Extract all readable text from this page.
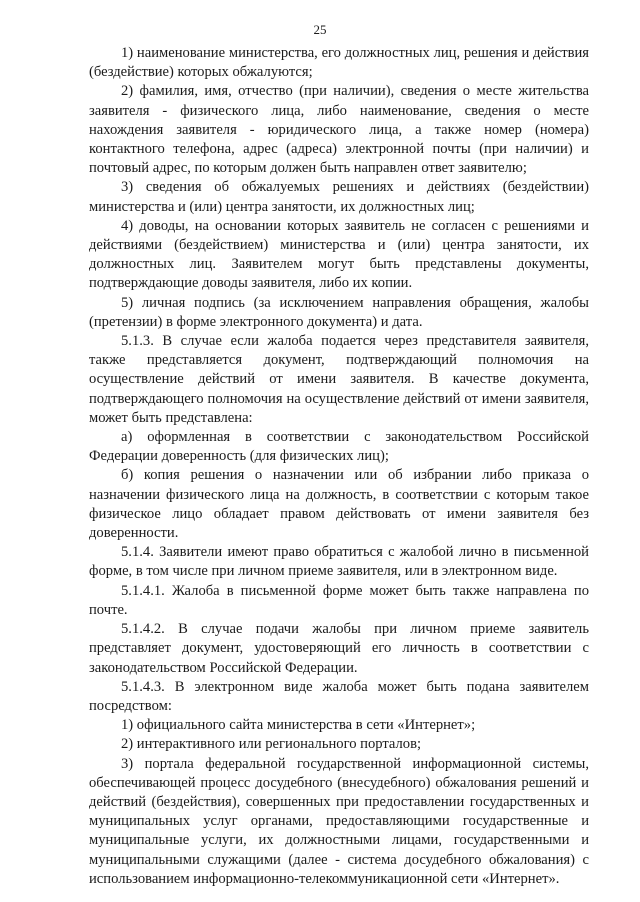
25

1) наименование министерства, его должностных лиц, решения и действия (бездействие) которых обжалуются;

2) фамилия, имя, отчество (при наличии), сведения о месте жительства заявителя - физического лица, либо наименование, сведения о месте нахождения заявителя - юридического лица, а также номер (номера) контактного телефона, адрес (адреса) электронной почты (при наличии) и почтовый адрес, по которым должен быть направлен ответ заявителю;

3) сведения об обжалуемых решениях и действиях (бездействии) министерства и (или) центра занятости, их должностных лиц;

4) доводы, на основании которых заявитель не согласен с решениями и действиями (бездействием) министерства и (или) центра занятости, их должностных лиц. Заявителем могут быть представлены документы, подтверждающие доводы заявителя, либо их копии.

5) личная подпись (за исключением направления обращения, жалобы (претензии) в форме электронного документа) и дата.

5.1.3. В случае если жалоба подается через представителя заявителя, также представляется документ, подтверждающий полномочия на осуществление действий от имени заявителя. В качестве документа, подтверждающего полномочия на осуществление действий от имени заявителя, может быть представлена:

а) оформленная в соответствии с законодательством Российской Федерации доверенность (для физических лиц);

б) копия решения о назначении или об избрании либо приказа о назначении физического лица на должность, в соответствии с которым такое физическое лицо обладает правом действовать от имени заявителя без доверенности.

5.1.4. Заявители имеют право обратиться с жалобой лично в письменной форме, в том числе при личном приеме заявителя, или в электронном виде.

5.1.4.1. Жалоба в письменной форме может быть также направлена по почте.

5.1.4.2. В случае подачи жалобы при личном приеме заявитель представляет документ, удостоверяющий его личность в соответствии с законодательством Российской Федерации.

5.1.4.3. В электронном виде жалоба может быть подана заявителем посредством:

1) официального сайта министерства в сети «Интернет»;

2) интерактивного или регионального порталов;

3) портала федеральной государственной информационной системы, обеспечивающей процесс досудебного (внесудебного) обжалования решений и действий (бездействия), совершенных при предоставлении государственных и муниципальных услуг органами, предоставляющими государственные и муниципальные услуги, их должностными лицами, государственными и муниципальными служащими (далее - система досудебного обжалования) с использованием информационно-телекоммуникационной сети «Интернет».
